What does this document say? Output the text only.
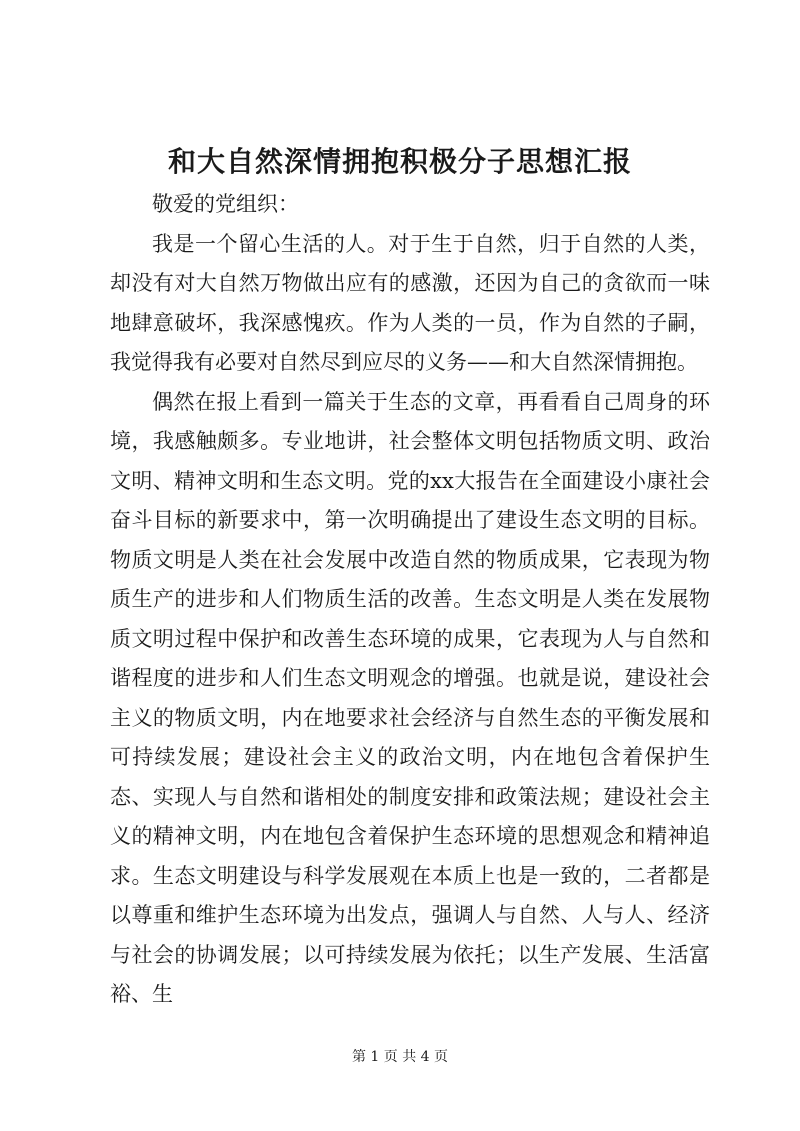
和大自然深情拥抱积极分子思想汇报

敬爱的党组织：

我是一个留心生活的人。对于生于自然，归于自然的人类，却没有对大自然万物做出应有的感激，还因为自己的贪欲而一味地肆意破坏，我深感愧疚。作为人类的一员，作为自然的子嗣，我觉得我有必要对自然尽到应尽的义务——和大自然深情拥抱。

偶然在报上看到一篇关于生态的文章，再看看自己周身的环境，我感触颇多。专业地讲，社会整体文明包括物质文明、政治文明、精神文明和生态文明。党的xx大报告在全面建设小康社会奋斗目标的新要求中，第一次明确提出了建设生态文明的目标。物质文明是人类在社会发展中改造自然的物质成果，它表现为物质生产的进步和人们物质生活的改善。生态文明是人类在发展物质文明过程中保护和改善生态环境的成果，它表现为人与自然和谐程度的进步和人们生态文明观念的增强。也就是说，建设社会主义的物质文明，内在地要求社会经济与自然生态的平衡发展和可持续发展；建设社会主义的政治文明，内在地包含着保护生态、实现人与自然和谐相处的制度安排和政策法规；建设社会主义的精神文明，内在地包含着保护生态环境的思想观念和精神追求。生态文明建设与科学发展观在本质上也是一致的，二者都是以尊重和维护生态环境为出发点，强调人与自然、人与人、经济与社会的协调发展；以可持续发展为依托；以生产发展、生活富裕、生

第 1 页 共 4 页
